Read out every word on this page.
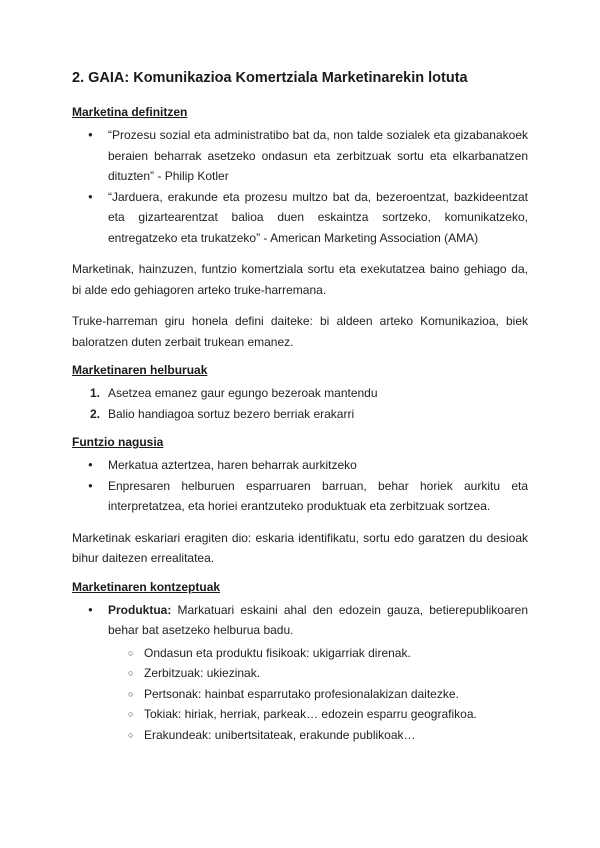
2. GAIA: Komunikazioa Komertziala Marketinarekin lotuta
Marketina definitzen
● “Prozesu sozial eta administratibo bat da, non talde sozialek eta gizabanakoek beraien beharrak asetzeko ondasun eta zerbitzuak sortu eta elkarbanatzen dituzten” - Philip Kotler
● “Jarduera, erakunde eta prozesu multzo bat da, bezeroentzat, bazkideentzat eta gizartearentzat balioa duen eskaintza sortzeko, komunikatzeko, entregatzeko eta trukatzeko” - American Marketing Association (AMA)

Marketinak, hainzuzen, funtzio komertziala sortu eta exekutatzea baino gehiago da, bi alde edo gehiagoren arteko truke-harremana.

Truke-harreman giru honela defini daiteke: bi aldeen arteko Komunikazioa, biek baloratzen duten zerbait trukean emanez.

Marketinaren helburuak
1. Asetzea emanez gaur egungo bezeroak mantendu
2. Balio handiagoa sortuz bezero berriak erakarri
Funtzio nagusia
● Merkatua aztertzea, haren beharrak aurkitzeko
● Enpresaren helburuen esparruaren barruan, behar horiek aurkitu eta interpretatzea, eta horiei erantzuteko produktuak eta zerbitzuak sortzea.

Marketinak eskariari eragiten dio: eskaria identifikatu, sortu edo garatzen du desioak bihur daitezen errealitatea.

Marketinaren kontzeptuak
● Produktua: Markatuari eskaini ahal den edozein gauza, betierepublikoaren behar bat asetzeko helburua badu.
○ Ondasun eta produktu fisikoak: ukigarriak direnak.
○ Zerbitzuak: ukiezinak.
○ Pertsonak: hainbat esparrutako profesionalakizan daitezke.
○ Tokiak: hiriak, herriak, parkeak… edozein esparru geografikoa.
○ Erakundeak: unibertsitateak, erakunde publikoak…
